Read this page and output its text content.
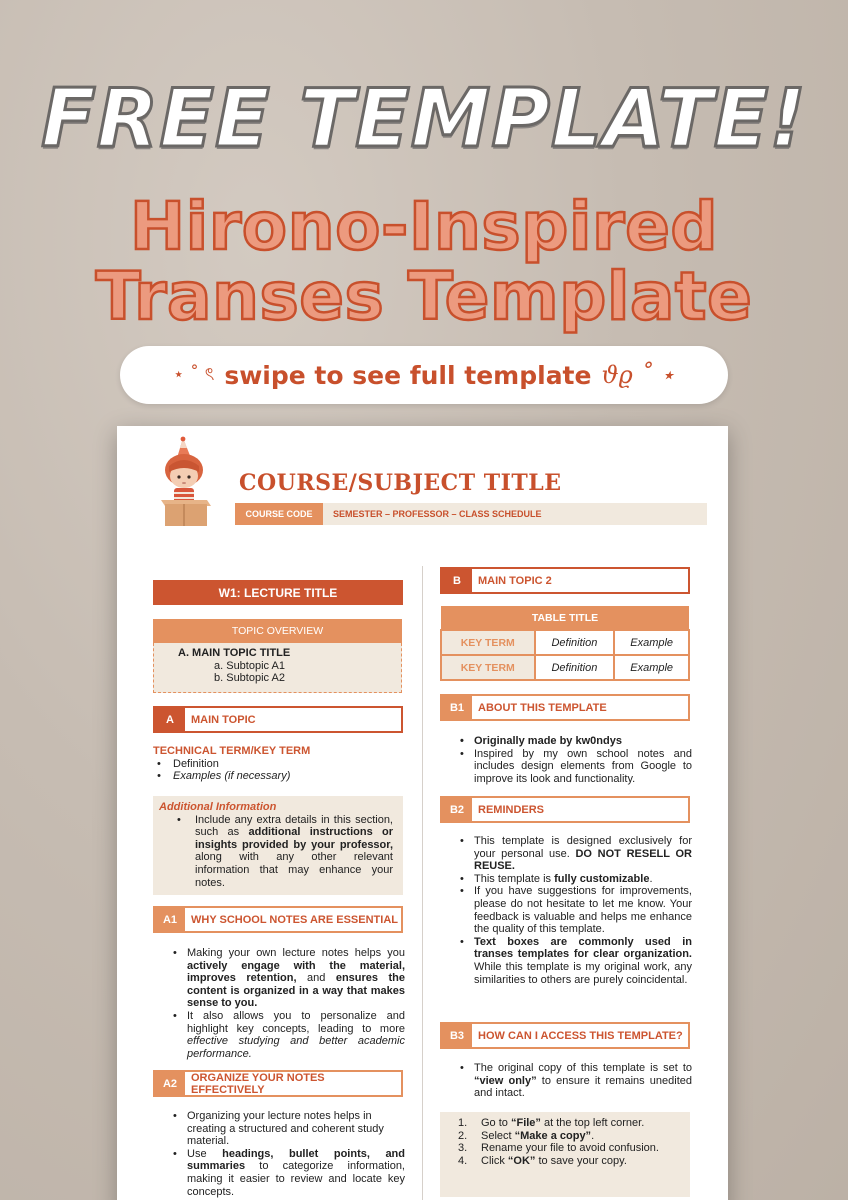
FREE TEMPLATE!
Hirono-Inspired
Transes Template
⋆ ˚ ৎ swipe to see full template ϑϱ ˚ ⋆
COURSE/SUBJECT TITLE
COURSE CODE	SEMESTER – PROFESSOR – CLASS SCHEDULE
W1: LECTURE TITLE
TOPIC OVERVIEW
A. MAIN TOPIC TITLE
a. Subtopic A1
b. Subtopic A2
A	MAIN TOPIC
TECHNICAL TERM/KEY TERM
• Definition
• Examples (if necessary)
Additional Information
• Include any extra details in this section, such as additional instructions or insights provided by your professor, along with any other relevant information that may enhance your notes.
A1	WHY SCHOOL NOTES ARE ESSENTIAL
• Making your own lecture notes helps you actively engage with the material, improves retention, and ensures the content is organized in a way that makes sense to you.
• It also allows you to personalize and highlight key concepts, leading to more effective studying and better academic performance.
A2	ORGANIZE YOUR NOTES EFFECTIVELY
• Organizing your lecture notes helps in creating a structured and coherent study material.
• Use headings, bullet points, and summaries to categorize information, making it easier to review and locate key concepts.
B	MAIN TOPIC 2
TABLE TITLE		
KEY TERM	Definition	Example
KEY TERM	Definition	Example
B1	ABOUT THIS TEMPLATE
• Originally made by kw0ndys
• Inspired by my own school notes and includes design elements from Google to improve its look and functionality.
B2	REMINDERS
• This template is designed exclusively for your personal use. DO NOT RESELL OR REUSE.
• This template is fully customizable.
• If you have suggestions for improvements, please do not hesitate to let me know. Your feedback is valuable and helps me enhance the quality of this template.
• Text boxes are commonly used in transes templates for clear organization. While this template is my original work, any similarities to others are purely coincidental.
B3	HOW CAN I ACCESS THIS TEMPLATE?
• The original copy of this template is set to “view only” to ensure it remains unedited and intact.
1.	Go to “File” at the top left corner.
2.	Select “Make a copy”.
3.	Rename your file to avoid confusion.
4.	Click “OK” to save your copy.
